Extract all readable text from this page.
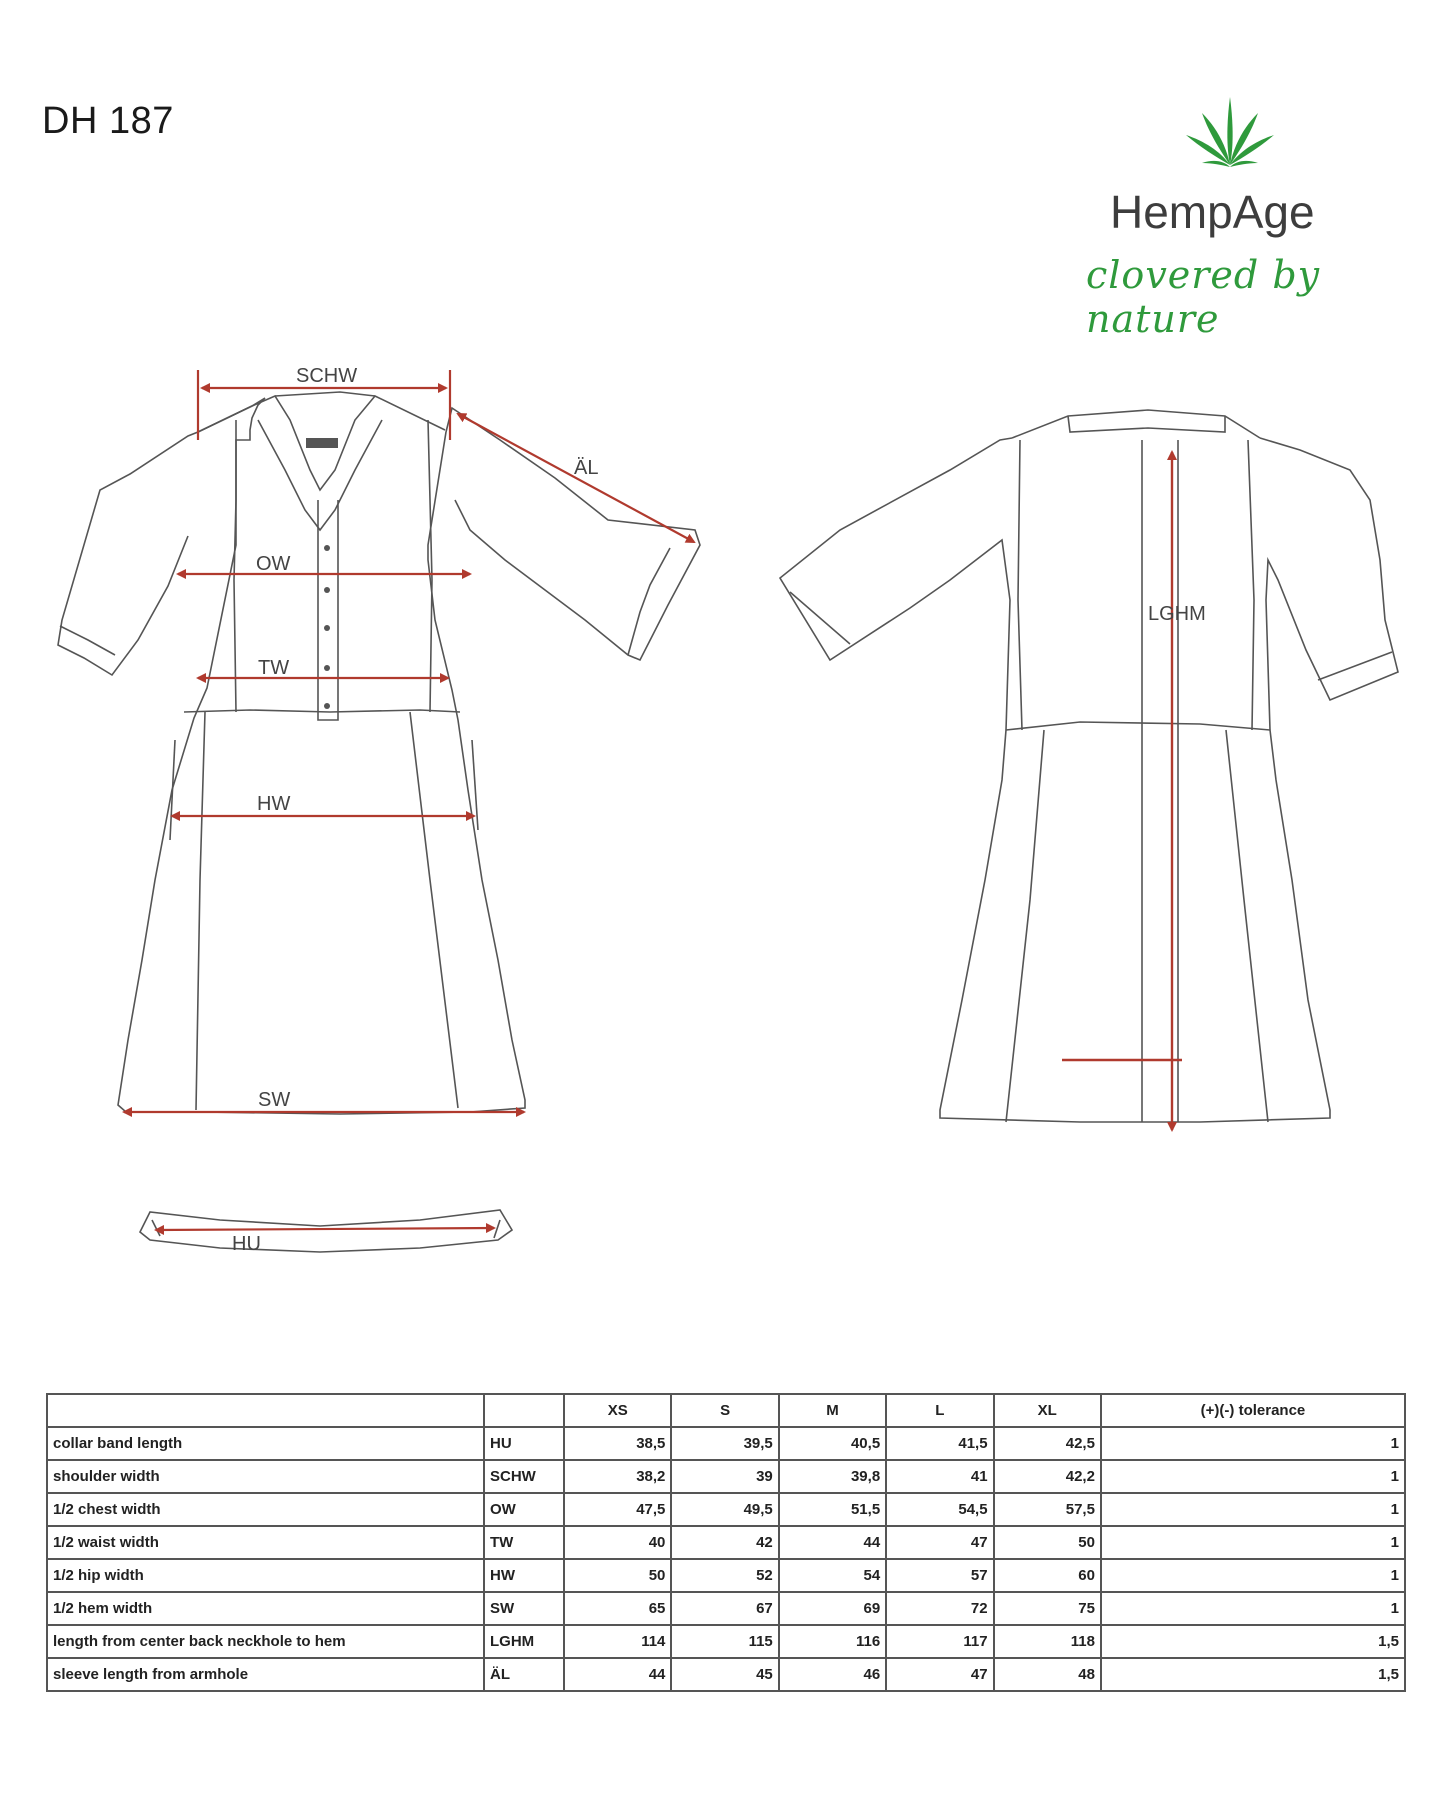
DH 187
HempAge
clovered by nature
SCHW
ÄL
OW
TW
HW
SW
LGHM
HU
		XS	S	M	L	XL	(+)(-) tolerance
collar band length	HU	38,5	39,5	40,5	41,5	42,5	1
shoulder width	SCHW	38,2	39	39,8	41	42,2	1
1/2 chest width	OW	47,5	49,5	51,5	54,5	57,5	1
1/2 waist width	TW	40	42	44	47	50	1
1/2 hip width	HW	50	52	54	57	60	1
1/2 hem width	SW	65	67	69	72	75	1
length from center back neckhole to hem	LGHM	114	115	116	117	118	1,5
sleeve length from armhole	ÄL	44	45	46	47	48	1,5
